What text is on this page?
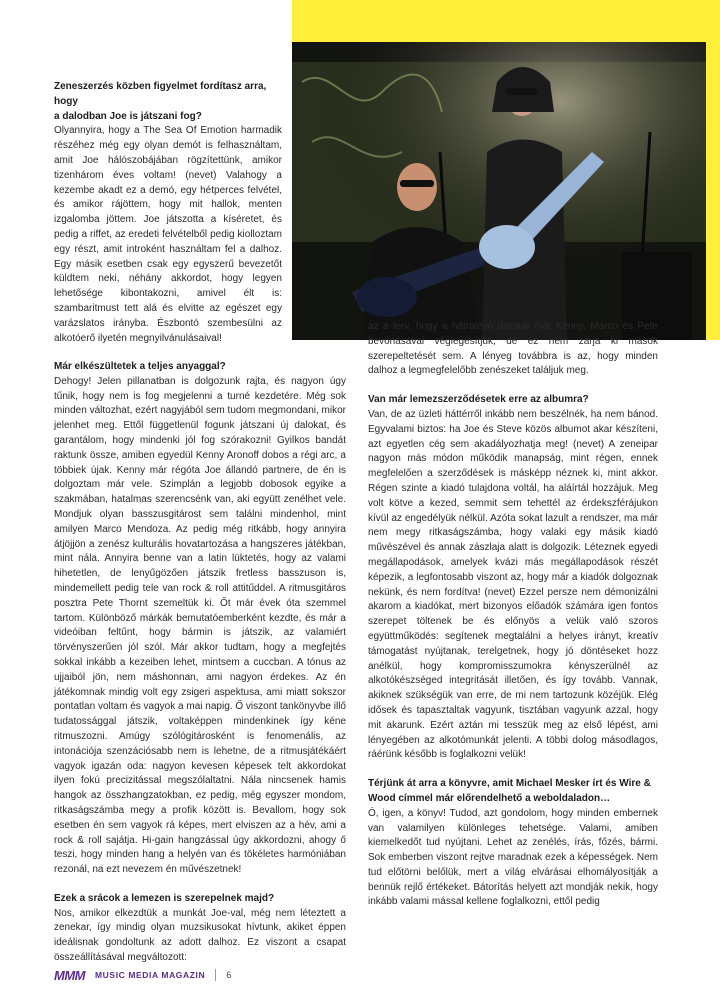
Zeneszerzés közben figyelmet fordítasz arra, hogy
a dalodban Joe is játszani fog?

Olyannyira, hogy a The Sea Of Emotion harmadik részéhez még egy olyan demót is felhasználtam, amit Joe hálószobájában rögzítettünk, amikor tizenhárom éves voltam! (nevet) Valahogy a kezembe akadt ez a demó, egy hétperces felvétel, és amikor rájöttem, hogy mit hallok, menten izgalomba jöttem. Joe játszotta a kíséretet, és pedig a riffet, az eredeti felvételből pedig kiolloztam egy részt, amit introként használtam fel a dalhoz. Egy másik esetben csak egy egyszerű bevezetőt küldtem neki, néhány akkordot, hogy legyen lehetősége kibontakozni, amivel élt is: szambaritmust tett alá és elvitte az egészet egy varázslatos irányba. Észbontó szembesülni az alkotóerő ilyetén megnyilvánulásaival!

Már elkészültetek a teljes anyaggal?

Dehogy! Jelen pillanatban is dolgozunk rajta, és nagyon úgy tűnik, hogy nem is fog megjelenni a turné kezdetére. Még sok minden változhat, ezért nagyjából sem tudom megmondani, mikor jelenhet meg. Ettől függetlenül fogunk játszani új dalokat, és garantálom, hogy mindenki jól fog szórakozni! Gyilkos bandát raktunk össze, amiben egyedül Kenny Aronoff dobos a régi arc, a többiek újak. Kenny már régóta Joe állandó partnere, de én is dolgoztam már vele. Szimplán a legjobb dobosok egyike a szakmában, hatalmas szerencsénk van, aki együtt zenélhet vele. Mondjuk olyan basszusgitárost sem találni mindenhol, mint amilyen Marco Mendoza. Az pedig még ritkább, hogy annyira átjöjjön a zenész kulturális hovatartozása a hangszeres játékban, mint nála. Annyira benne van a latin lüktetés, hogy az valami hihetetlen, de lenyűgözően játszik fretless basszuson is, mindemellett pedig tele van rock & roll attitűddel. A ritmusgitáros posztra Pete Thornt szemeltük ki. Őt már évek óta szemmel tartom. Különböző márkák bemutatóemberként kezdte, és már a videóiban feltűnt, hogy bármin is játszik, az valamiért törvényszerűen jól szól. Már akkor tudtam, hogy a megfejtés sokkal inkább a kezeiben lehet, mintsem a cuccban. A tónus az ujjaiból jön, nem máshonnan, ami nagyon érdekes. Az én játékomnak mindig volt egy zsigeri aspektusa, ami miatt sokszor pontatlan voltam és vagyok a mai napig. Ő viszont tankönyvbe illő tudatossággal játszik, voltaképpen mindenkinek így kéne ritmuszozni. Amúgy szólógitárosként is fenomenális, az intonációja szenzációsabb nem is lehetne, de a ritmusjátékáért vagyok igazán oda: nagyon kevesen képesek telt akkordokat ilyen fokú precizitással megszólaltatni. Nála nincsenek hamis hangok az összhangzatokban, ez pedig, még egyszer mondom, ritkaságszámba megy a profik között is. Bevallom, hogy sok esetben én sem vagyok rá képes, mert elviszen az a hév, ami a rock & roll sajátja. Hi-gain hangzással úgy akkordozni, ahogy ő teszi, hogy minden hang a helyén van és tökéletes harmóniában rezonál, na ezt nevezem én művészetnek!

Ezek a srácok a lemezen is szerepelnek majd?

Nos, amikor elkezdtük a munkát Joe-val, még nem léteztett a zenekar, így mindig olyan muzsikusokat hívtunk, akiket éppen ideálisnak gondoltunk az adott dalhoz. Ez viszont a csapat összeállításával megváltozott:

az a terv, hogy a hátralévő dalokat már Kenny, Marco és Pete bevonásával véglegesítjük, de ez nem zárja ki mások szerepeltetését sem. A lényeg továbbra is az, hogy minden dalhoz a legmegfelelőbb zenészeket találjuk meg.

Van már lemezszerződésetek erre az albumra?

Van, de az üzleti háttérről inkább nem beszélnék, ha nem bánod. Egyvalami biztos: ha Joe és Steve közös albumot akar készíteni, azt egyetlen cég sem akadályozhatja meg! (nevet) A zeneipar nagyon más módon működik manapság, mint régen, ennek megfelelően a szerződések is másképp néznek ki, mint akkor. Régen szinte a kiadó tulajdona voltál, ha aláírtál hozzájuk. Meg volt kötve a kezed, semmit sem tehettél az érdekszférájukon kívül az engedélyük nélkül. Azóta sokat lazult a rendszer, ma már nem megy ritkaságszámba, hogy valaki egy másik kiadó művészével és annak zászlaja alatt is dolgozik. Léteznek egyedi megállapodások, amelyek kvázi más megállapodások részét képezik, a legfontosabb viszont az, hogy már a kiadók dolgoznak nekünk, és nem fordítva! (nevet) Ezzel persze nem démonizálni akarom a kiadókat, mert bizonyos előadók számára igen fontos szerepet töltenek be és előnyös a velük való szoros együttműködés: segítenek megtalálni a helyes irányt, kreatív támogatást nyújtanak, terelgetnek, hogy jó döntéseket hozz anélkül, hogy kompromisszumokra kényszerülnél az alkotókészséged integritását illetően, és így tovább. Vannak, akiknek szükségük van erre, de mi nem tartozunk közéjük. Elég idősek és tapasztaltak vagyunk, tisztában vagyunk azzal, hogy mit akarunk. Ezért aztán mi tesszük meg az első lépést, ami lényegében az alkotómunkát jelenti. A többi dolog másodlagos, ráérünk később is foglalkozni velük!

Térjünk át arra a könyvre, amit Michael Mesker írt és Wire & Wood címmel már előrendelhető a weboldaladon…

Ó, igen, a könyv! Tudod, azt gondolom, hogy minden embernek van valamilyen különleges tehetsége. Valami, amiben kiemelkedőt tud nyújtani. Lehet az zenélés, írás, főzés, bármi. Sok emberben viszont rejtve maradnak ezek a képességek. Nem tud előtörni belőlük, mert a világ elvárásai elhomályosítják a bennük rejlő értékeket. Bátorítás helyett azt mondják nekik, hogy inkább valami mással kellene foglalkozni, ettől pedig

MMM MUSIC MEDIA MAGAZIN 6
